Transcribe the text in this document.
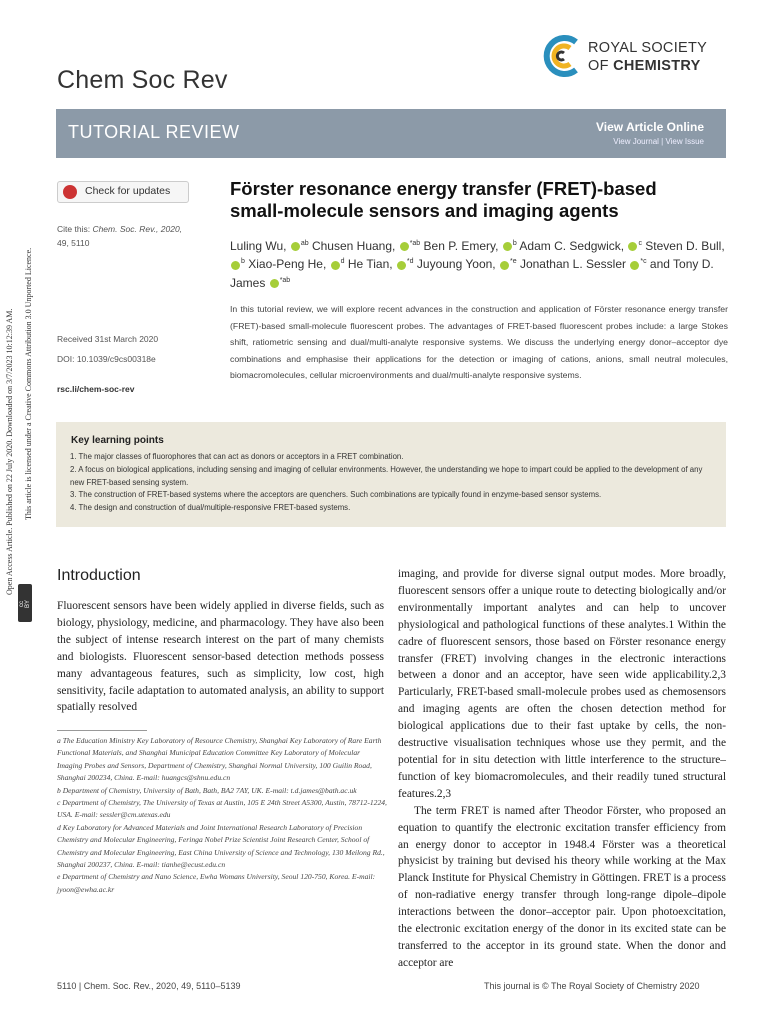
Chem Soc Rev
ROYAL SOCIETY
OF CHEMISTRY
TUTORIAL REVIEW	View Article Online
View Journal | View Issue
Check for updates
Cite this: Chem. Soc. Rev., 2020,
49, 5110
Received 31st March 2020
DOI: 10.1039/c9cs00318e
rsc.li/chem-soc-rev
Förster resonance energy transfer (FRET)-based small-molecule sensors and imaging agents
Luling Wu, $^{ab}$ Chusen Huang, $^{*ab}$ Ben P. Emery, $^b$ Adam C. Sedgwick, $^c$ Steven D. Bull, $^b$ Xiao-Peng He, $^d$ He Tian, $^{*d}$ Juyoung Yoon, $^{*e}$ Jonathan L. Sessler $^{*c}$ and Tony D. James $^{*ab}$
In this tutorial review, we will explore recent advances in the construction and application of Förster resonance energy transfer (FRET)-based small-molecule fluorescent probes. The advantages of FRET-based fluorescent probes include: a large Stokes shift, ratiometric sensing and dual/multi-analyte responsive systems. We discuss the underlying energy donor–acceptor dye combinations and emphasise their applications for the detection or imaging of cations, anions, small neutral molecules, biomacromolecules, cellular microenvironments and dual/multi-analyte responsive systems.
Key learning points
1. The major classes of fluorophores that can act as donors or acceptors in a FRET combination.
2. A focus on biological applications, including sensing and imaging of cellular environments. However, the understanding we hope to impart could be applied to the development of any new FRET-based sensing system.
3. The construction of FRET-based systems where the acceptors are quenchers. Such combinations are typically found in enzyme-based sensor systems.
4. The design and construction of dual/multiple-responsive FRET-based systems.
Open Access Article. Published on 22 July 2020. Downloaded on 3/7/2023 10:12:39 AM. This article is licensed under a Creative Commons Attribution 3.0 Unported Licence.
cc BY
Introduction
Fluorescent sensors have been widely applied in diverse fields, such as biology, physiology, medicine, and pharmacology. They have also been the subject of intense research interest on the part of many chemists and biologists. Fluorescent sensor-based detection methods possess many advantageous features, such as simplicity, low cost, high sensitivity, facile adaptation to automated analysis, an ability to support spatially resolved
a The Education Ministry Key Laboratory of Resource Chemistry, Shanghai Key Laboratory of Rare Earth Functional Materials, and Shanghai Municipal Education Committee Key Laboratory of Molecular Imaging Probes and Sensors, Department of Chemistry, Shanghai Normal University, 100 Guilin Road, Shanghai 200234, China. E-mail: huangcs@shnu.edu.cn
b Department of Chemistry, University of Bath, Bath, BA2 7AY, UK. E-mail: t.d.james@bath.ac.uk
c Department of Chemistry, The University of Texas at Austin, 105 E 24th Street A5300, Austin, 78712-1224, USA. E-mail: sessler@cm.utexas.edu
d Key Laboratory for Advanced Materials and Joint International Research Laboratory of Precision Chemistry and Molecular Engineering, Feringa Nobel Prize Scientist Joint Research Center, School of Chemistry and Molecular Engineering, East China University of Science and Technology, 130 Meilong Rd., Shanghai 200237, China. E-mail: tianhe@ecust.edu.cn
e Department of Chemistry and Nano Science, Ewha Womans University, Seoul 120-750, Korea. E-mail: jyoon@ewha.ac.kr

imaging, and provide for diverse signal output modes. More broadly, fluorescent sensors offer a unique route to detecting biologically and/or environmentally important analytes and can help to uncover physiological and pathological functions of these analytes.1 Within the cadre of fluorescent sensors, those based on Förster resonance energy transfer (FRET) involving changes in the electronic interactions between a donor and an acceptor, have seen wide applicability.2,3 Particularly, FRET-based small-molecule probes used as chemosensors and imaging agents are often the chosen detection method for biological applications due to their fast uptake by cells, the non-destructive visualisation techniques whose use they permit, and the potential for in situ detection with little interference to the structure–function of key biomacromolecules, and their readily tuned structural features.2,3

The term FRET is named after Theodor Förster, who proposed an equation to quantify the electronic excitation transfer efficiency from an energy donor to acceptor in 1948.4 Förster was a theoretical physicist by training but devised his theory while working at the Max Planck Institute for Physical Chemistry in Göttingen. FRET is a process of non-radiative energy transfer through long-range dipole–dipole interactions between the donor–acceptor pair. Upon photoexcitation, the electronic excitation energy of the donor in its excited state can be transferred to the acceptor in its ground state. When the donor and acceptor are

5110 | Chem. Soc. Rev., 2020, 49, 5110–5139	This journal is © The Royal Society of Chemistry 2020
